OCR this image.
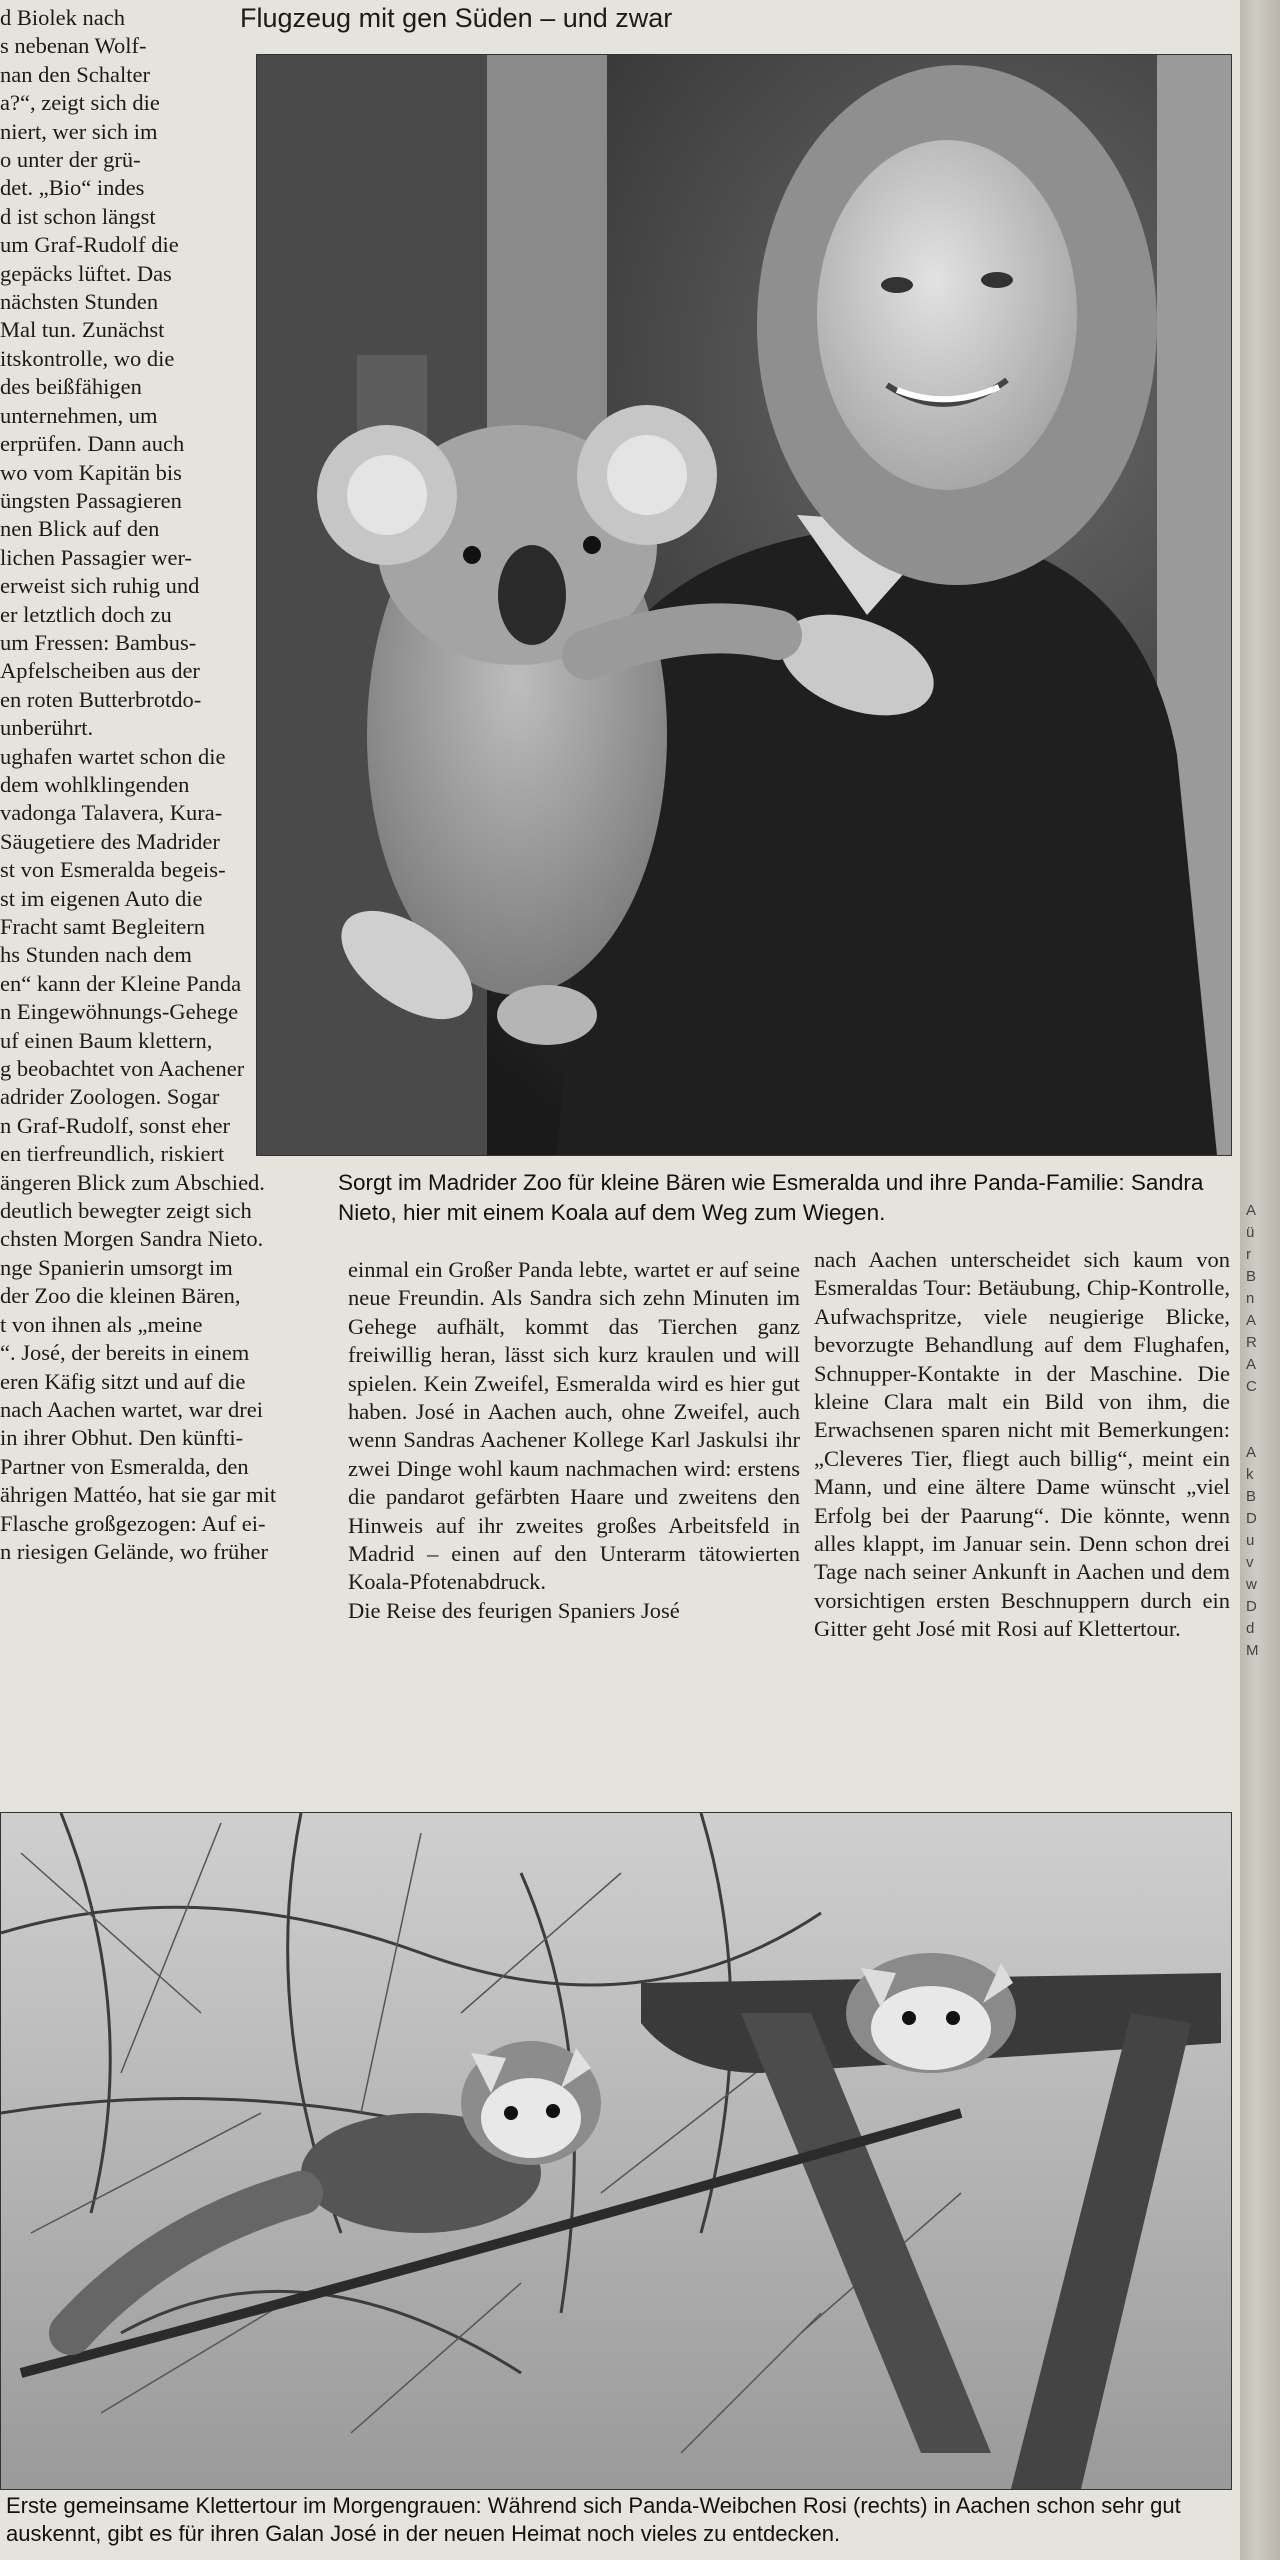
Flugzeug mit gen Süden – und zwar

d Biolek nach

s nebenan Wolf-

nan den Schalter

a?“, zeigt sich die

niert, wer sich im

o unter der grü-

det. „Bio“ indes

d ist schon längst

um Graf-Rudolf die

gepäcks lüftet. Das

nächsten Stunden

Mal tun. Zunächst

itskontrolle, wo die

des beißfähigen

unternehmen, um

erprüfen. Dann auch

wo vom Kapitän bis

üngsten Passagieren

nen Blick auf den

lichen Passagier wer-

erweist sich ruhig und

er letztlich doch zu

um Fressen: Bambus-

Apfelscheiben aus der

en roten Butterbrotdo-

unberührt.

ughafen wartet schon die

dem wohlklingenden

vadonga Talavera, Kura-

Säugetiere des Madrider

st von Esmeralda begeis-

st im eigenen Auto die

Fracht samt Begleitern

hs Stunden nach dem

en“ kann der Kleine Panda

n Eingewöhnungs-Gehege

uf einen Baum klettern,

g beobachtet von Aachener

adrider Zoologen. Sogar

n Graf-Rudolf, sonst eher

en tierfreundlich, riskiert

ängeren Blick zum Abschied.

deutlich bewegter zeigt sich

chsten Morgen Sandra Nieto.

nge Spanierin umsorgt im

der Zoo die kleinen Bären,

t von ihnen als „meine

“. José, der bereits in einem

eren Käfig sitzt und auf die

nach Aachen wartet, war drei

in ihrer Obhut. Den künfti-

Partner von Esmeralda, den

ährigen Mattéo, hat sie gar mit

Flasche großgezogen: Auf ei-

n riesigen Gelände, wo früher

Sorgt im Madrider Zoo für kleine Bären wie Esmeralda und ihre Panda-Familie: Sandra Nieto, hier mit einem Koala auf dem Weg zum Wiegen.

einmal ein Großer Panda lebte, wartet er auf seine neue Freundin. Als Sandra sich zehn Minuten im Gehege aufhält, kommt das Tierchen ganz freiwillig heran, lässt sich kurz kraulen und will spielen. Kein Zweifel, Esmeralda wird es hier gut haben. José in Aachen auch, ohne Zweifel, auch wenn Sandras Aachener Kollege Karl Jaskulsi ihr zwei Dinge wohl kaum nachmachen wird: erstens die pandarot gefärbten Haare und zweitens den Hinweis auf ihr zweites großes Arbeitsfeld in Madrid – einen auf den Unterarm tätowierten Koala-Pfotenabdruck.

Die Reise des feurigen Spaniers José

nach Aachen unterscheidet sich kaum von Esmeraldas Tour: Betäubung, Chip-Kontrolle, Aufwachspritze, viele neugierige Blicke, bevorzugte Behandlung auf dem Flughafen, Schnupper-Kontakte in der Maschine. Die kleine Clara malt ein Bild von ihm, die Erwachsenen sparen nicht mit Bemerkungen: „Cleveres Tier, fliegt auch billig“, meint ein Mann, und eine ältere Dame wünscht „viel Erfolg bei der Paarung“. Die könnte, wenn alles klappt, im Januar sein. Denn schon drei Tage nach seiner Ankunft in Aachen und dem vorsichtigen ersten Beschnuppern durch ein Gitter geht José mit Rosi auf Klettertour.

Erste gemeinsame Klettertour im Morgengrauen: Während sich Panda-Weibchen Rosi (rechts) in Aachen schon sehr gut auskennt, gibt es für ihren Galan José in der neuen Heimat noch vieles zu entdecken.
A
ü
r
B
n
A
R
A
C

A
k
B
D
u
v
w
D
d
M
